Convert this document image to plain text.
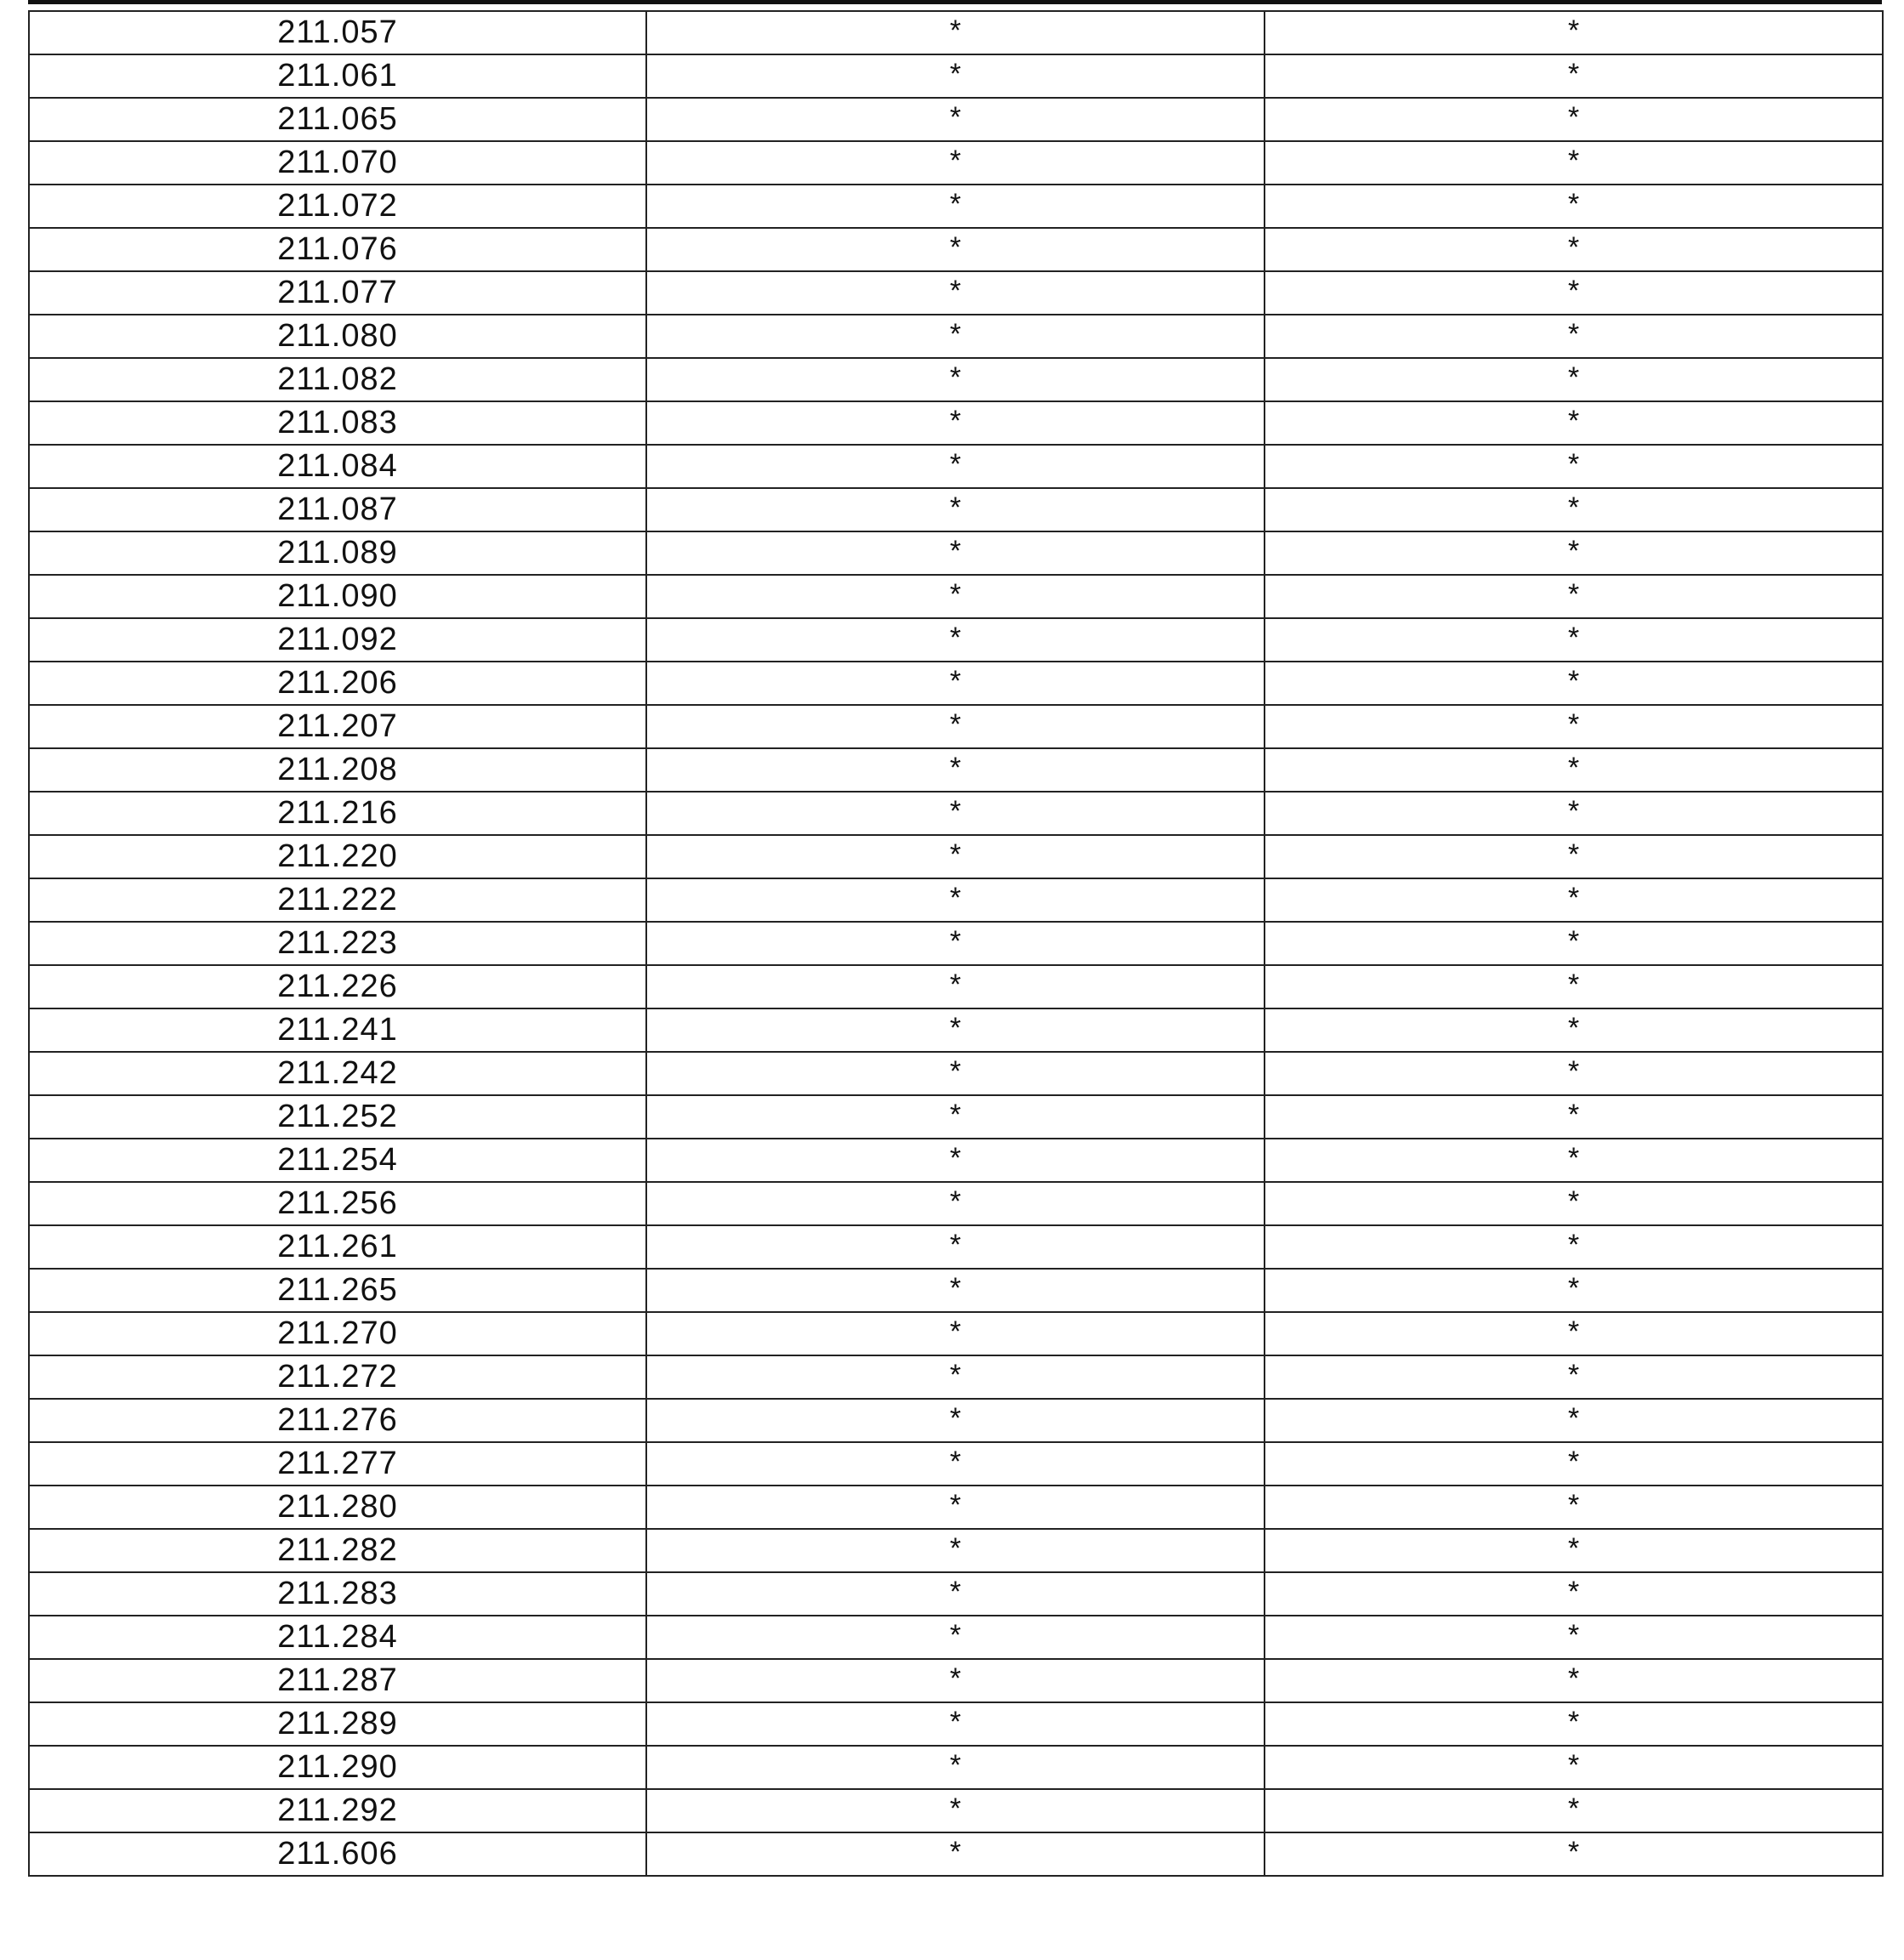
211.057	*	*
211.061	*	*
211.065	*	*
211.070	*	*
211.072	*	*
211.076	*	*
211.077	*	*
211.080	*	*
211.082	*	*
211.083	*	*
211.084	*	*
211.087	*	*
211.089	*	*
211.090	*	*
211.092	*	*
211.206	*	*
211.207	*	*
211.208	*	*
211.216	*	*
211.220	*	*
211.222	*	*
211.223	*	*
211.226	*	*
211.241	*	*
211.242	*	*
211.252	*	*
211.254	*	*
211.256	*	*
211.261	*	*
211.265	*	*
211.270	*	*
211.272	*	*
211.276	*	*
211.277	*	*
211.280	*	*
211.282	*	*
211.283	*	*
211.284	*	*
211.287	*	*
211.289	*	*
211.290	*	*
211.292	*	*
211.606	*	*
